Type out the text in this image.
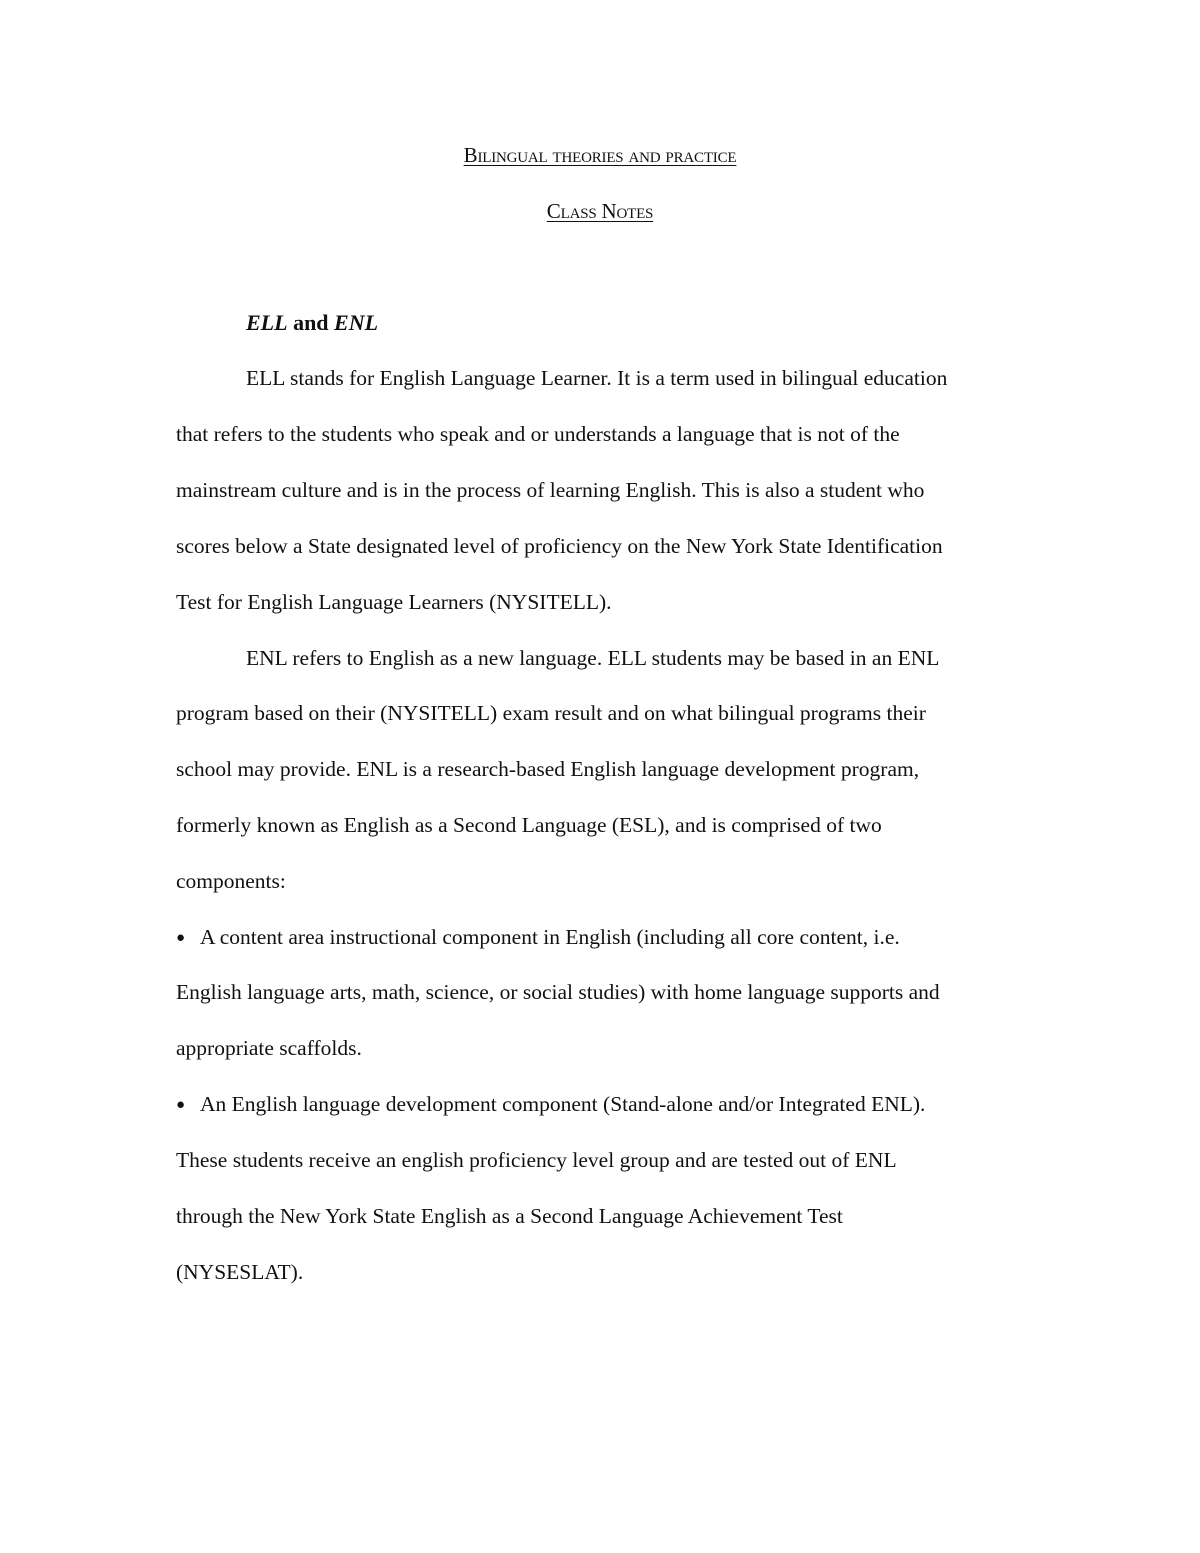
Bilingual theories and practice
Class Notes
ELL and ENL
ELL stands for English Language Learner. It is a term used in bilingual education
that refers to the students who speak and or understands a language that is not of the
mainstream culture and is in the process of learning English. This is also a student who
scores below a State designated level of proficiency on the New York State Identification
Test for English Language Learners (NYSITELL).
ENL refers to English as a new language. ELL students may be based in an ENL
program based on their (NYSITELL) exam result and on what bilingual programs their
school may provide. ENL is a research-based English language development program,
formerly known as English as a Second Language (ESL), and is comprised of two
components:
● A content area instructional component in English (including all core content, i.e.
English language arts, math, science, or social studies) with home language supports and
appropriate scaffolds.
● An English language development component (Stand-alone and/or Integrated ENL).
These students receive an english proficiency level group and are tested out of ENL
through the New York State English as a Second Language Achievement Test
(NYSESLAT).
